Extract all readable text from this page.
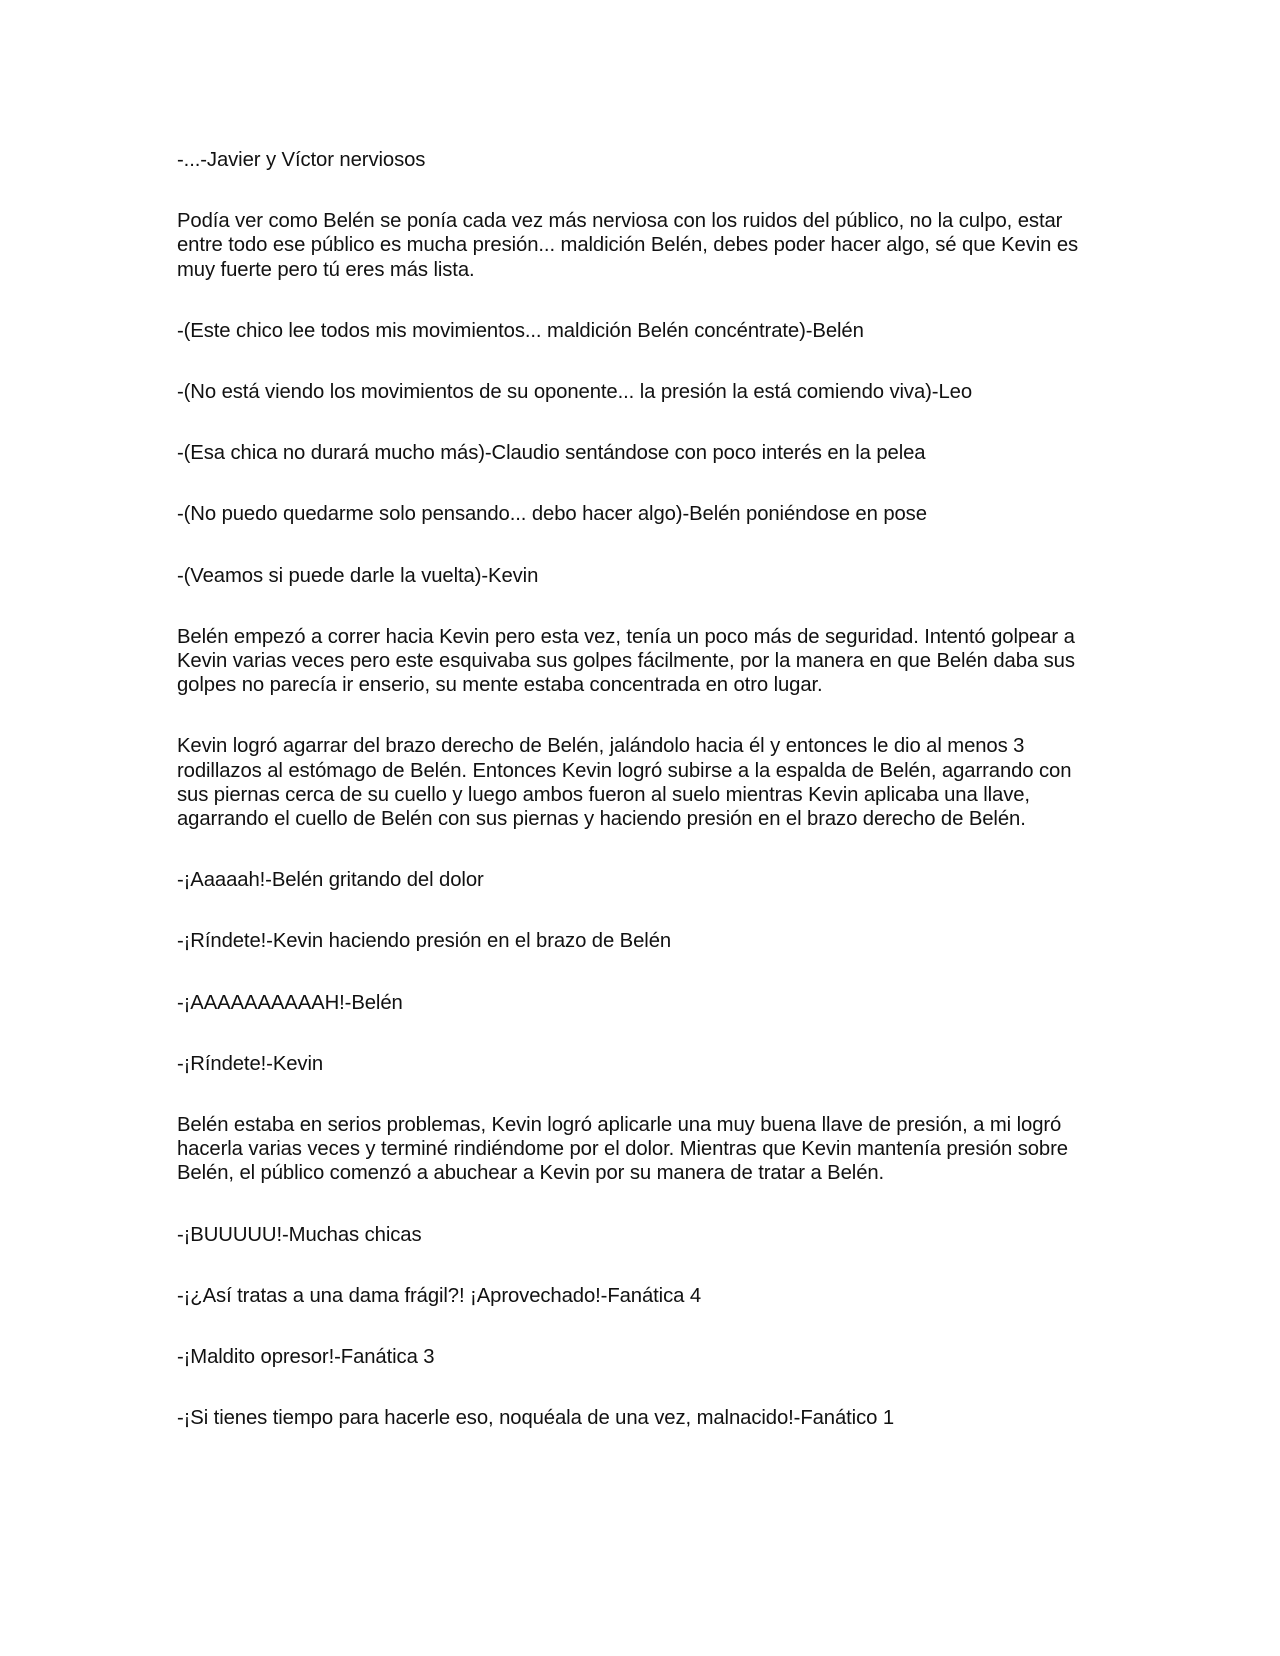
-...-Javier y Víctor nerviosos

Podía ver como Belén se ponía cada vez más nerviosa con los ruidos del público, no la culpo, estar entre todo ese público es mucha presión... maldición Belén, debes poder hacer algo, sé que Kevin es muy fuerte pero tú eres más lista.

-(Este chico lee todos mis movimientos... maldición Belén concéntrate)-Belén

-(No está viendo los movimientos de su oponente... la presión la está comiendo viva)-Leo

-(Esa chica no durará mucho más)-Claudio sentándose con poco interés en la pelea

-(No puedo quedarme solo pensando... debo hacer algo)-Belén poniéndose en pose

-(Veamos si puede darle la vuelta)-Kevin

Belén empezó a correr hacia Kevin pero esta vez, tenía un poco más de seguridad. Intentó golpear a Kevin varias veces pero este esquivaba sus golpes fácilmente, por la manera en que Belén daba sus golpes no parecía ir enserio, su mente estaba concentrada en otro lugar.

Kevin logró agarrar del brazo derecho de Belén, jalándolo hacia él y entonces le dio al menos 3 rodillazos al estómago de Belén. Entonces Kevin logró subirse a la espalda de Belén, agarrando con sus piernas cerca de su cuello y luego ambos fueron al suelo mientras Kevin aplicaba una llave, agarrando el cuello de Belén con sus piernas y haciendo presión en el brazo derecho de Belén.

-¡Aaaaah!-Belén gritando del dolor

-¡Ríndete!-Kevin haciendo presión en el brazo de Belén

-¡AAAAAAAAAAH!-Belén

-¡Ríndete!-Kevin

Belén estaba en serios problemas, Kevin logró aplicarle una muy buena llave de presión, a mi logró hacerla varias veces y terminé rindiéndome por el dolor. Mientras que Kevin mantenía presión sobre Belén, el público comenzó a abuchear a Kevin por su manera de tratar a Belén.

-¡BUUUUU!-Muchas chicas

-¡¿Así tratas a una dama frágil?! ¡Aprovechado!-Fanática 4

-¡Maldito opresor!-Fanática 3

-¡Si tienes tiempo para hacerle eso, noquéala de una vez, malnacido!-Fanático 1
